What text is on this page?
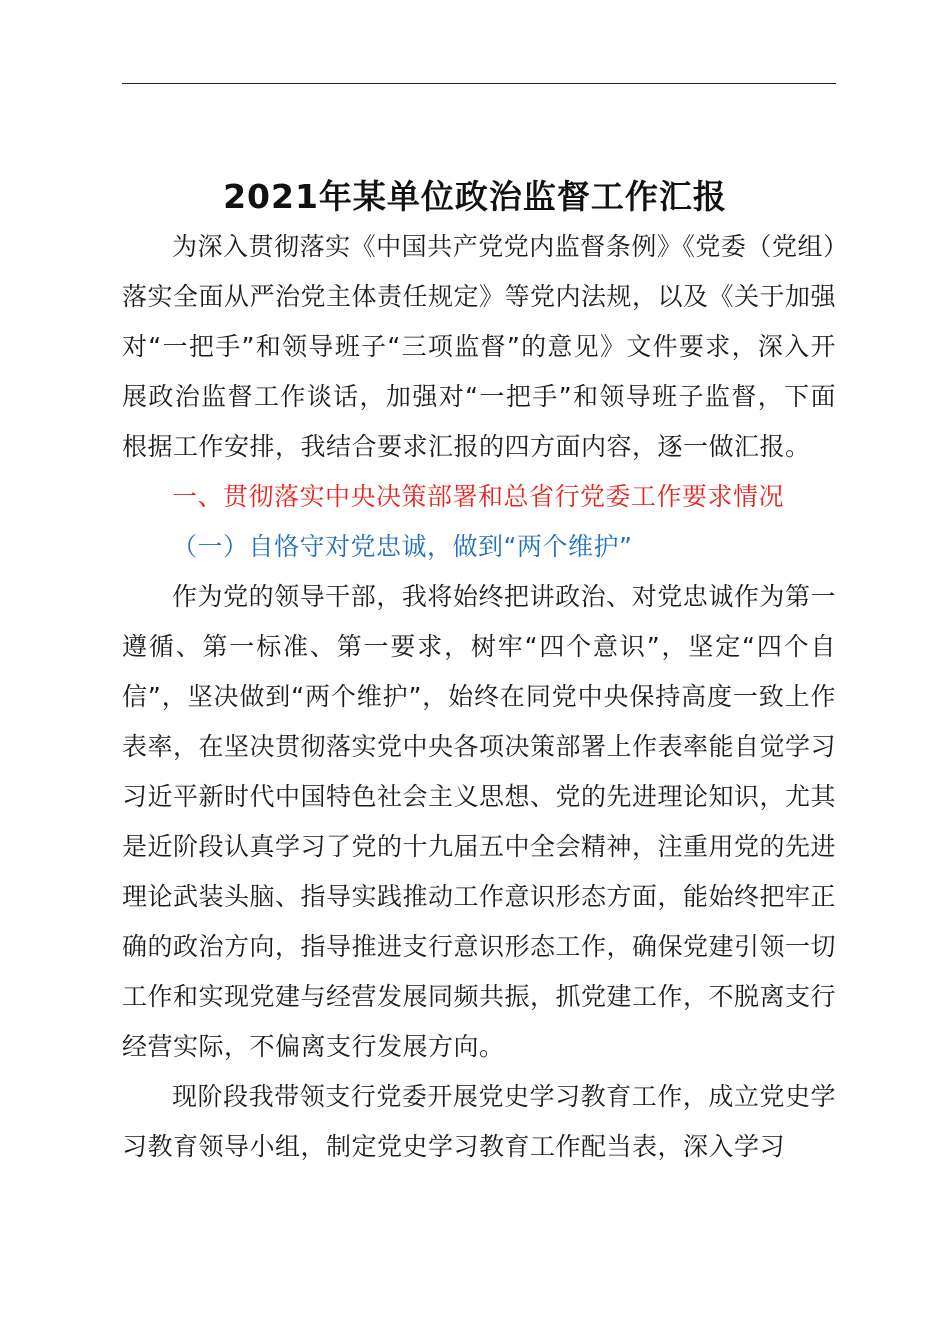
2021年某单位政治监督工作汇报

为深入贯彻落实《中国共产党党内监督条例》《党委（党组）落实全面从严治党主体责任规定》等党内法规，以及《关于加强对“一把手”和领导班子“三项监督”的意见》文件要求，深入开展政治监督工作谈话，加强对“一把手”和领导班子监督，下面根据工作安排，我结合要求汇报的四方面内容，逐一做汇报。

一、贯彻落实中央决策部署和总省行党委工作要求情况

（一）自恪守对党忠诚，做到“两个维护”

作为党的领导干部，我将始终把讲政治、对党忠诚作为第一遵循、第一标准、第一要求，树牢“四个意识”，坚定“四个自信”，坚决做到“两个维护”，始终在同党中央保持高度一致上作表率，在坚决贯彻落实党中央各项决策部署上作表率能自觉学习习近平新时代中国特色社会主义思想、党的先进理论知识，尤其是近阶段认真学习了党的十九届五中全会精神，注重用党的先进理论武装头脑、指导实践推动工作意识形态方面，能始终把牢正确的政治方向，指导推进支行意识形态工作，确保党建引领一切工作和实现党建与经营发展同频共振，抓党建工作，不脱离支行经营实际，不偏离支行发展方向。

现阶段我带领支行党委开展党史学习教育工作，成立党史学习教育领导小组，制定党史学习教育工作配当表，深入学习
